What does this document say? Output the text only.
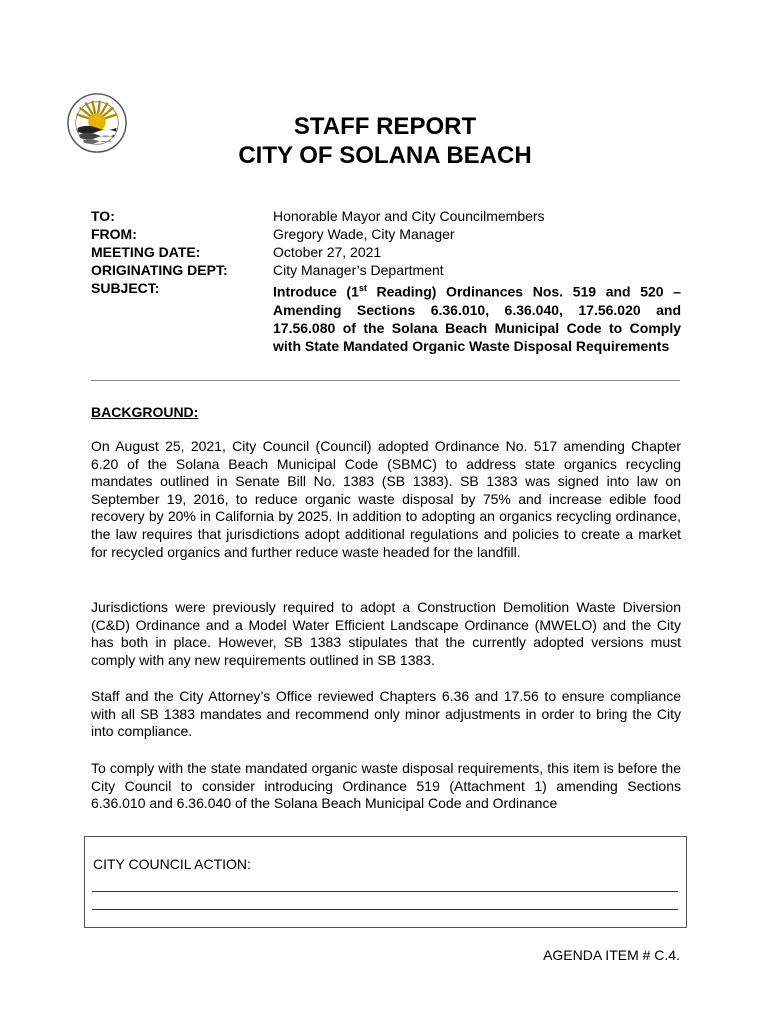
STAFF REPORT
CITY OF SOLANA BEACH
TO:	Honorable Mayor and City Councilmembers
FROM:	Gregory Wade, City Manager
MEETING DATE:	October 27, 2021
ORIGINATING DEPT:	City Manager’s Department
SUBJECT:	Introduce (1st Reading) Ordinances Nos. 519 and 520 – Amending Sections 6.36.010, 6.36.040, 17.56.020 and 17.56.080 of the Solana Beach Municipal Code to Comply with State Mandated Organic Waste Disposal Requirements
BACKGROUND:

On August 25, 2021, City Council (Council) adopted Ordinance No. 517 amending Chapter 6.20 of the Solana Beach Municipal Code (SBMC) to address state organics recycling mandates outlined in Senate Bill No. 1383 (SB 1383). SB 1383 was signed into law on September 19, 2016, to reduce organic waste disposal by 75% and increase edible food recovery by 20% in California by 2025. In addition to adopting an organics recycling ordinance, the law requires that jurisdictions adopt additional regulations and policies to create a market for recycled organics and further reduce waste headed for the landfill.

Jurisdictions were previously required to adopt a Construction Demolition Waste Diversion (C&D) Ordinance and a Model Water Efficient Landscape Ordinance (MWELO) and the City has both in place. However, SB 1383 stipulates that the currently adopted versions must comply with any new requirements outlined in SB 1383.

Staff and the City Attorney’s Office reviewed Chapters 6.36 and 17.56 to ensure compliance with all SB 1383 mandates and recommend only minor adjustments in order to bring the City into compliance.

To comply with the state mandated organic waste disposal requirements, this item is before the City Council to consider introducing Ordinance 519 (Attachment 1) amending Sections 6.36.010 and 6.36.040 of the Solana Beach Municipal Code and Ordinance

CITY COUNCIL ACTION:
AGENDA ITEM # C.4.
